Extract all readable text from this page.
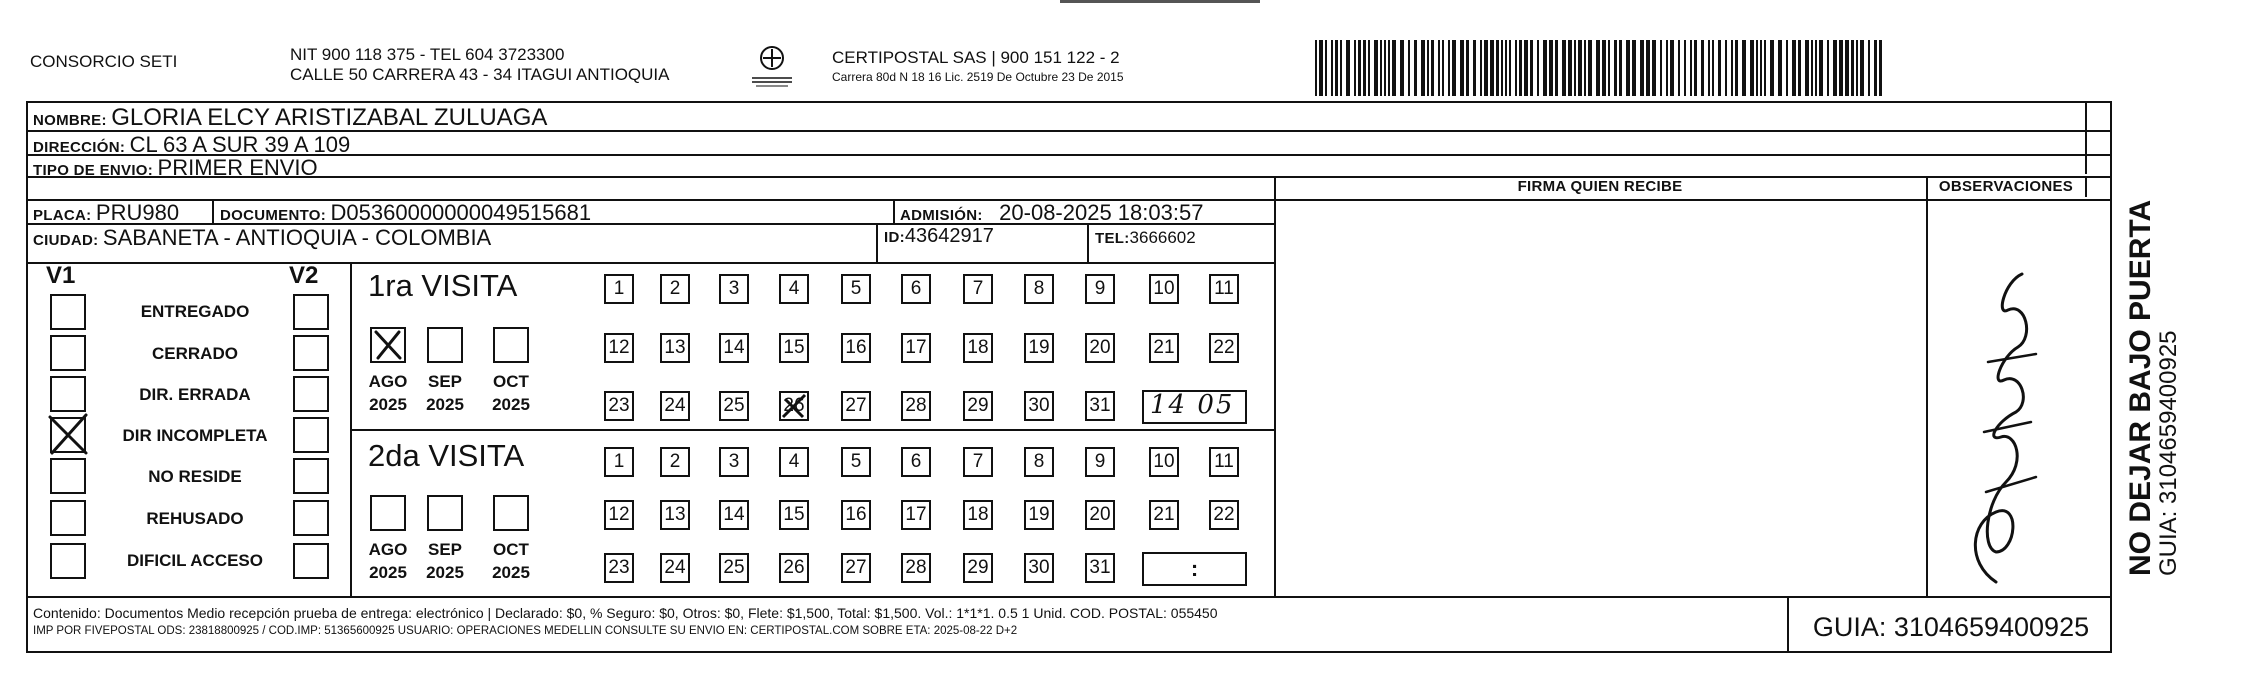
CONSORCIO SETI	NIT 900 118 375 - TEL 604 3723300
CALLE 50 CARRERA 43 - 34 ITAGUI ANTIOQUIA
CERTIPOSTAL SAS | 900 151 122 - 2
Carrera 80d N 18 16 Lic. 2519 De Octubre 23 De 2015
NOMBRE: GLORIA ELCY ARISTIZABAL ZULUAGA
DIRECCIÓN: CL 63 A SUR 39 A 109
TIPO DE ENVIO: PRIMER ENVIO
PLACA: PRU980	DOCUMENTO: D05360000000049515681	ADMISIÓN: 20-08-2025 18:03:57
CIUDAD: SABANETA - ANTIOQUIA - COLOMBIA	ID:43642917	TEL:3666602
FIRMA QUIEN RECIBE	OBSERVACIONES
V1	V2
ENTREGADO
CERRADO
DIR. ERRADA
DIR INCOMPLETA
NO RESIDE
REHUSADO
DIFICIL ACCESO
1ra VISITA
AGO	SEP	OCT
2025	2025	2025	14 05
2da VISITA
AGO	SEP	OCT
2025	2025	2025	:	NO DEJAR BAJO PUERTA
GUIA: 3104659400925
Contenido: Documentos Medio recepción prueba de entrega: electrónico | Declarado: $0, % Seguro: $0, Otros: $0, Flete: $1,500, Total: $1,500. Vol.: 1*1*1. 0.5 1 Unid. COD. POSTAL: 055450
IMP POR FIVEPOSTAL ODS: 23818800925 / COD.IMP: 51365600925 USUARIO: OPERACIONES MEDELLIN CONSULTE SU ENVIO EN: CERTIPOSTAL.COM SOBRE ETA: 2025-08-22 D+2	GUIA: 3104659400925
1 2	3	4	5	6	7	8	9	10 11
12 13 14 15 16 17 18 19 20 21 22
23 24 25 26 27 28 29 30 31
1 2	3	4	5	6	7	8	9	10 11
12 13 14 15 16 17 18 19 20 21 22
23 24 25 26 27 28 29 30 31
